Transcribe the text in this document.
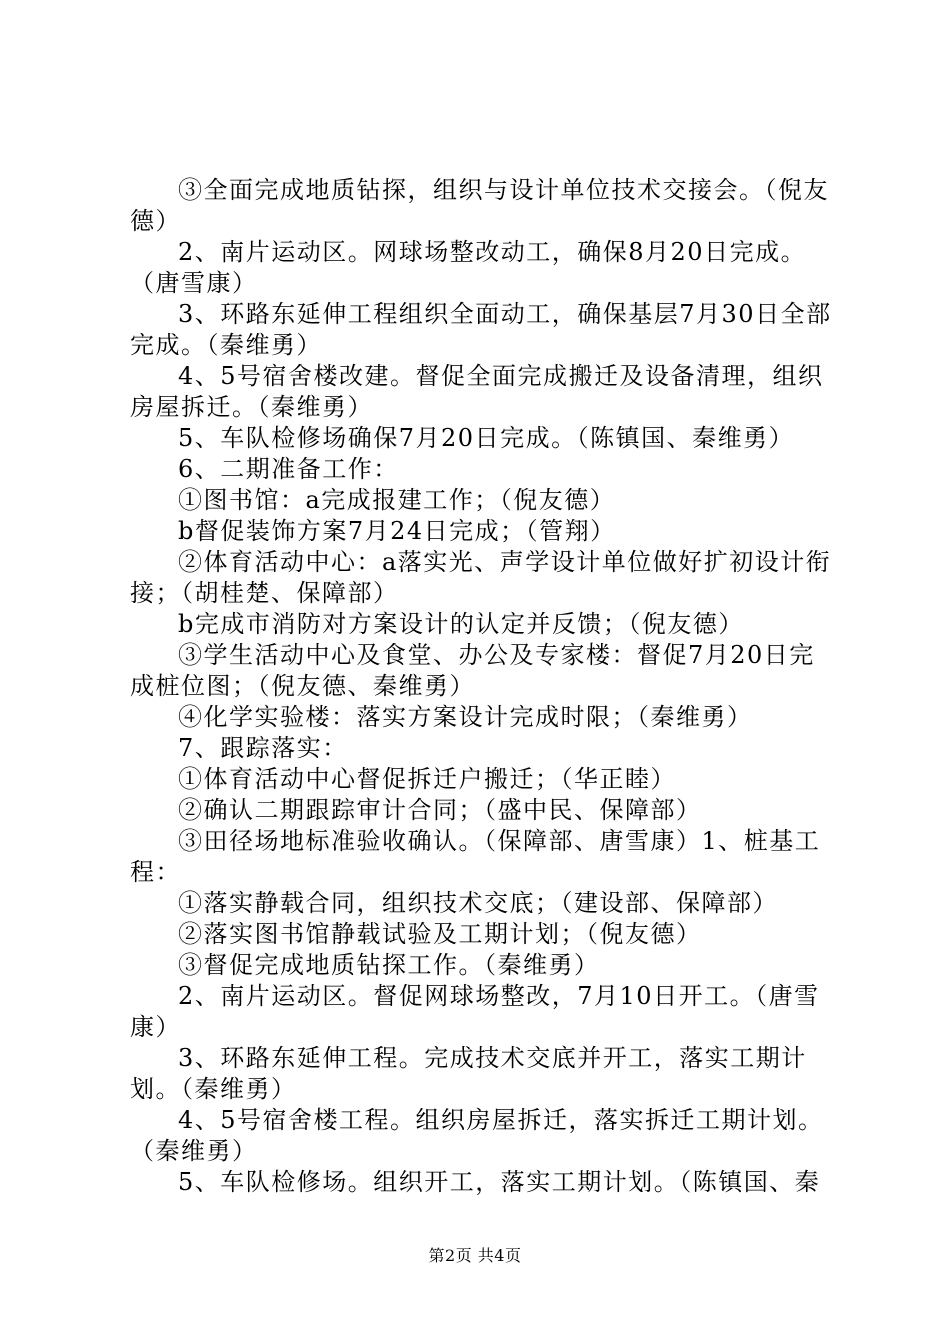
③全面完成地质钻探，组织与设计单位技术交接会。（倪友德）

2、南片运动区。网球场整改动工，确保8月20日完成。（唐雪康）

3、环路东延伸工程组织全面动工，确保基层7月30日全部完成。（秦维勇）

4、5号宿舍楼改建。督促全面完成搬迁及设备清理，组织房屋拆迁。（秦维勇）

5、车队检修场确保7月20日完成。（陈镇国、秦维勇）

6、二期准备工作：

①图书馆：a完成报建工作；（倪友德）

b督促装饰方案7月24日完成；（管翔）

②体育活动中心：a落实光、声学设计单位做好扩初设计衔接；（胡桂楚、保障部）

b完成市消防对方案设计的认定并反馈；（倪友德）

③学生活动中心及食堂、办公及专家楼：督促7月20日完成桩位图；（倪友德、秦维勇）

④化学实验楼：落实方案设计完成时限；（秦维勇）

7、跟踪落实：

①体育活动中心督促拆迁户搬迁；（华正睦）

②确认二期跟踪审计合同；（盛中民、保障部）

③田径场地标准验收确认。（保障部、唐雪康）1、桩基工程：

①落实静载合同，组织技术交底；（建设部、保障部）

②落实图书馆静载试验及工期计划；（倪友德）

③督促完成地质钻探工作。（秦维勇）

2、南片运动区。督促网球场整改，7月10日开工。（唐雪康）

3、环路东延伸工程。完成技术交底并开工，落实工期计划。（秦维勇）

4、5号宿舍楼工程。组织房屋拆迁，落实拆迁工期计划。（秦维勇）

5、车队检修场。组织开工，落实工期计划。（陈镇国、秦

第2页 共4页
